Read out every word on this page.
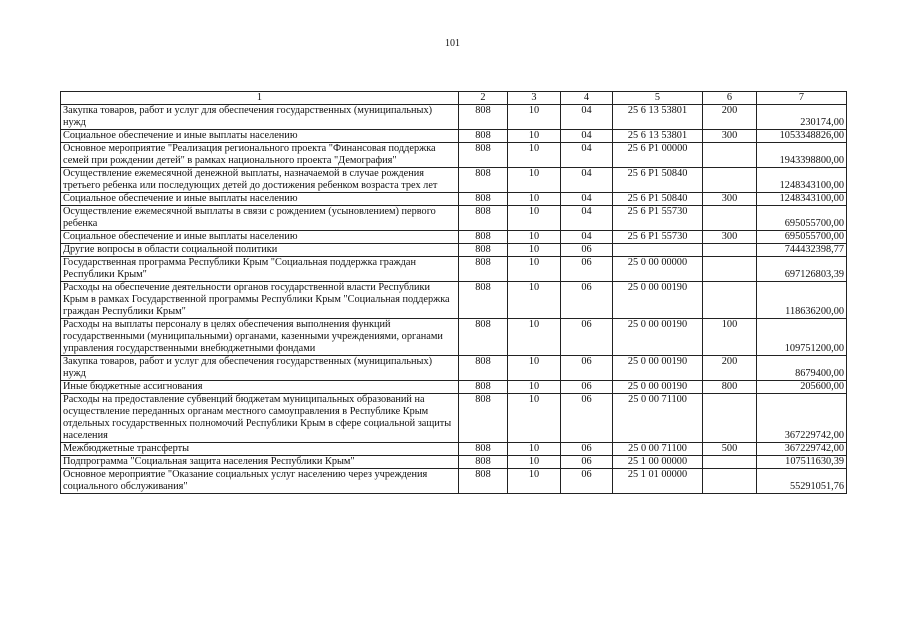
101
1	2	3	4	5	6	7
Закупка товаров, работ и услуг для обеспечения государственных (муниципальных) нужд	808	10	04	25 6 13 53801	200	230174,00
Социальное обеспечение и иные выплаты населению	808	10	04	25 6 13 53801	300	1053348826,00
Основное мероприятие "Реализация регионального проекта "Финансовая поддержка семей при рождении детей" в рамках национального проекта "Демография"	808	10	04	25 6 P1 00000		1943398800,00
Осуществление ежемесячной денежной выплаты, назначаемой в случае рождения третьего ребенка или последующих детей до достижения ребенком возраста трех лет	808	10	04	25 6 P1 50840		1248343100,00
Социальное обеспечение и иные выплаты населению	808	10	04	25 6 P1 50840	300	1248343100,00
Осуществление ежемесячной выплаты в связи с рождением (усыновлением) первого ребенка	808	10	04	25 6 P1 55730		695055700,00
Социальное обеспечение и иные выплаты населению	808	10	04	25 6 P1 55730	300	695055700,00
Другие вопросы в области социальной политики	808	10	06			744432398,77
Государственная программа Республики Крым "Социальная поддержка граждан Республики Крым"	808	10	06	25 0 00 00000		697126803,39
Расходы на обеспечение деятельности органов государственной власти Республики Крым в рамках Государственной программы Республики Крым "Социальная поддержка граждан Республики Крым"	808	10	06	25 0 00 00190		118636200,00
Расходы на выплаты персоналу в целях обеспечения выполнения функций государственными (муниципальными) органами, казенными учреждениями, органами управления государственными внебюджетными фондами	808	10	06	25 0 00 00190	100	109751200,00
Закупка товаров, работ и услуг для обеспечения государственных (муниципальных) нужд	808	10	06	25 0 00 00190	200	8679400,00
Иные бюджетные ассигнования	808	10	06	25 0 00 00190	800	205600,00
Расходы на предоставление субвенций бюджетам муниципальных образований на осуществление переданных органам местного самоуправления в Республике Крым отдельных государственных полномочий Республики Крым в сфере социальной защиты населения	808	10	06	25 0 00 71100		367229742,00
Межбюджетные трансферты	808	10	06	25 0 00 71100	500	367229742,00
Подпрограмма "Социальная защита населения Республики Крым"	808	10	06	25 1 00 00000		107511630,39
Основное мероприятие "Оказание социальных услуг населению через учреждения социального обслуживания"	808	10	06	25 1 01 00000		55291051,76
